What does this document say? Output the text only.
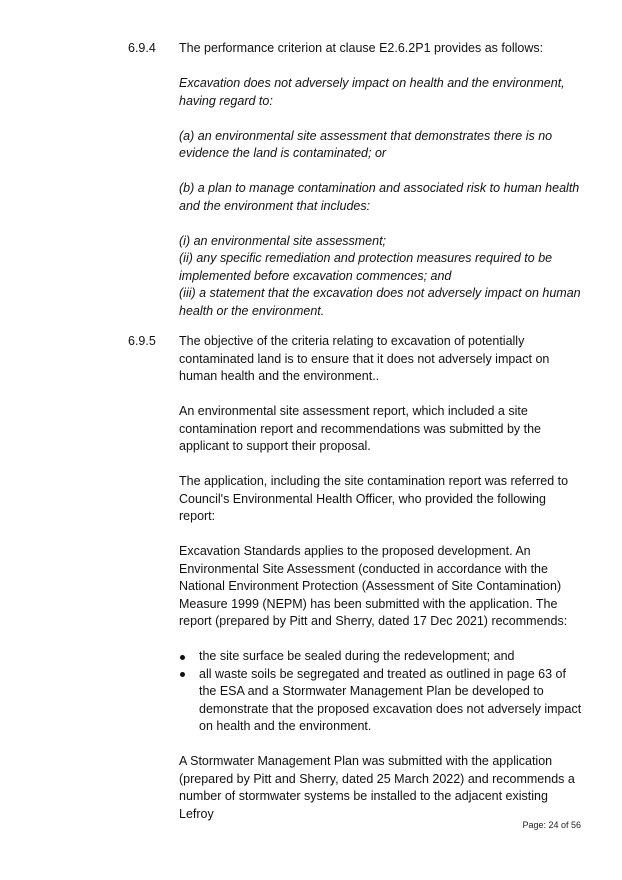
6.9.4 The performance criterion at clause E2.6.2P1 provides as follows:

Excavation does not adversely impact on health and the environment, having regard to:

(a) an environmental site assessment that demonstrates there is no evidence the land is contaminated; or

(b) a plan to manage contamination and associated risk to human health and the environment that includes:

(i) an environmental site assessment;

(ii) any specific remediation and protection measures required to be implemented before excavation commences; and

(iii) a statement that the excavation does not adversely impact on human health or the environment.

6.9.5 The objective of the criteria relating to excavation of potentially contaminated land is to ensure that it does not adversely impact on human health and the environment..

An environmental site assessment report, which included a site contamination report and recommendations was submitted by the applicant to support their proposal.

The application, including the site contamination report was referred to Council's Environmental Health Officer, who provided the following report:

Excavation Standards applies to the proposed development. An Environmental Site Assessment (conducted in accordance with the National Environment Protection (Assessment of Site Contamination) Measure 1999 (NEPM) has been submitted with the application. The report (prepared by Pitt and Sherry, dated 17 Dec 2021) recommends:

the site surface be sealed during the redevelopment; and
all waste soils be segregated and treated as outlined in page 63 of the ESA and a Stormwater Management Plan be developed to demonstrate that the proposed excavation does not adversely impact on health and the environment.

A Stormwater Management Plan was submitted with the application (prepared by Pitt and Sherry, dated 25 March 2022) and recommends a number of stormwater systems be installed to the adjacent existing Lefroy

Page: 24 of 56
